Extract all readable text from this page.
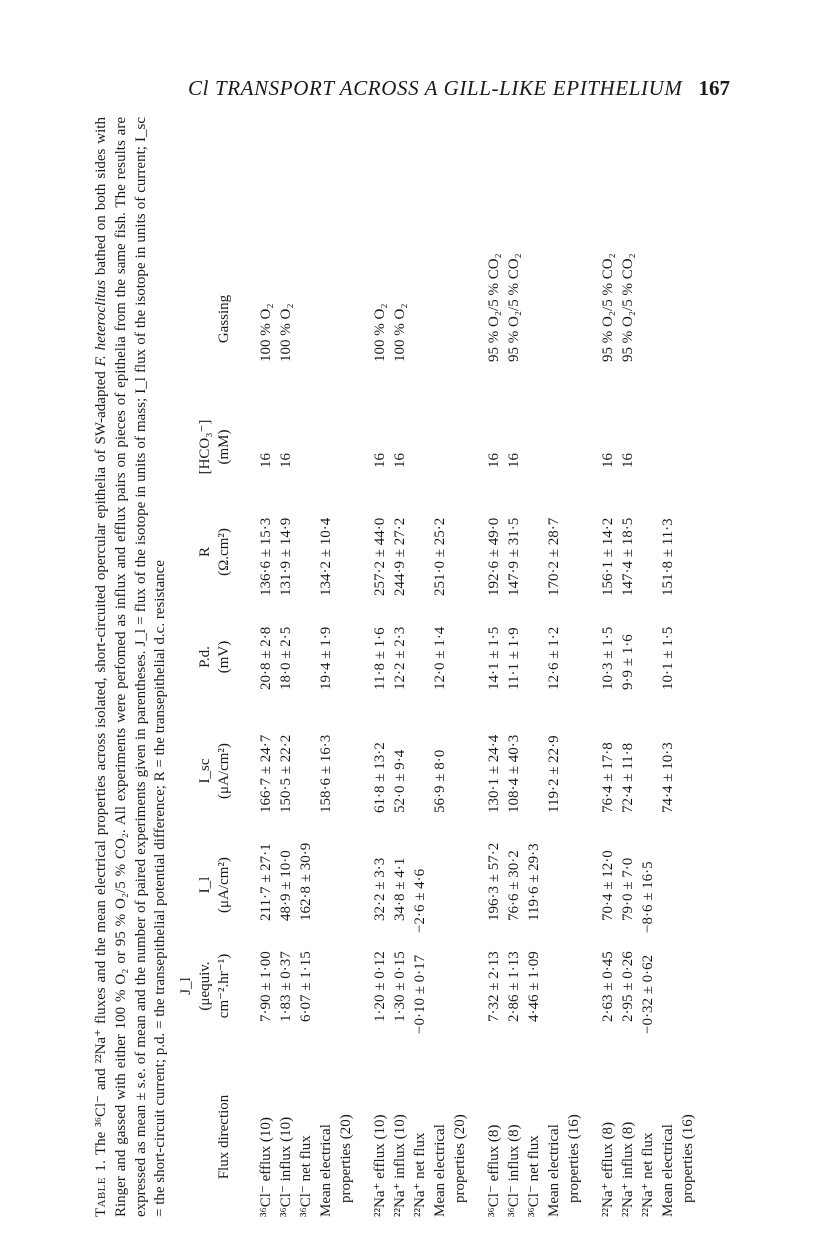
Cl TRANSPORT ACROSS A GILL-LIKE EPITHELIUM 167
Table 1. The ³⁶Cl⁻ and ²²Na⁺ fluxes and the mean electrical properties across isolated, short-circuited opercular epithelia of SW-adapted F. heteroclitus bathed on both sides with Ringer and gassed with either 100 % O₂ or 95 % O₂/5 % CO₂. All experiments were perfomed as influx and efflux pairs on pieces of epithelia from the same fish. The results are expressed as mean ± s.e. of mean and the number of paired experiments given in parentheses. J_l = flux of the isotope in units of mass; I_l flux of the isotope in units of current; I_sc = the short-circuit current; p.d. = the transepithelial potential difference; R = the transepithelial d.c. resistance	Flux direction
J_l
(μequiv.
cm⁻².hr⁻¹)
I_l
(μA/cm²)
I_sc
(μA/cm²)
P.d.
(mV)
R
(Ω.cm²)
[HCO₃⁻]
(mM)
Gassing
³⁶Cl⁻ efflux (10)
7·90 ± 1·00
211·7 ± 27·1
166·7 ± 24·7
20·8 ± 2·8
136·6 ± 15·3
16
100 % O₂
³⁶Cl⁻ influx (10)
1·83 ± 0·37
48·9 ± 10·0
150·5 ± 22·2
18·0 ± 2·5
131·9 ± 14·9
16
100 % O₂
³⁶Cl⁻ net flux
6·07 ± 1·15
162·8 ± 30·9
Mean electrical properties (20)
158·6 ± 16·3
19·4 ± 1·9
134·2 ± 10·4
²²Na⁺ efflux (10)
1·20 ± 0·12
32·2 ± 3·3
61·8 ± 13·2
11·8 ± 1·6
257·2 ± 44·0
16
100 % O₂
²²Na⁺ influx (10)
1·30 ± 0·15
34·8 ± 4·1
52·0 ± 9·4
12·2 ± 2·3
244·9 ± 27·2
16
100 % O₂
²²Na⁺ net flux
−0·10 ± 0·17
−2·6 ± 4·6
Mean electrical properties (20)
56·9 ± 8·0
12·0 ± 1·4
251·0 ± 25·2
³⁶Cl⁻ efflux (8)
7·32 ± 2·13
196·3 ± 57·2
130·1 ± 24·4
14·1 ± 1·5
192·6 ± 49·0
16
95 % O₂/5 % CO₂
³⁶Cl⁻ influx (8)
2·86 ± 1·13
76·6 ± 30·2
108·4 ± 40·3
11·1 ± 1·9
147·9 ± 31·5
16
95 % O₂/5 % CO₂
³⁶Cl⁻ net flux
4·46 ± 1·09
119·6 ± 29·3
Mean electrical properties (16)
119·2 ± 22·9
12·6 ± 1·2
170·2 ± 28·7
²²Na⁺ efflux (8)
2·63 ± 0·45
70·4 ± 12·0
76·4 ± 17·8
10·3 ± 1·5
156·1 ± 14·2
16
95 % O₂/5 % CO₂
²²Na⁺ influx (8)
2·95 ± 0·26
79·0 ± 7·0
72·4 ± 11·8
9·9 ± 1·6
147·4 ± 18·5
16
95 % O₂/5 % CO₂
²²Na⁺ net flux
−0·32 ± 0·62
−8·6 ± 16·5
Mean electrical properties (16)
74·4 ± 10·3
10·1 ± 1·5
151·8 ± 11·3
